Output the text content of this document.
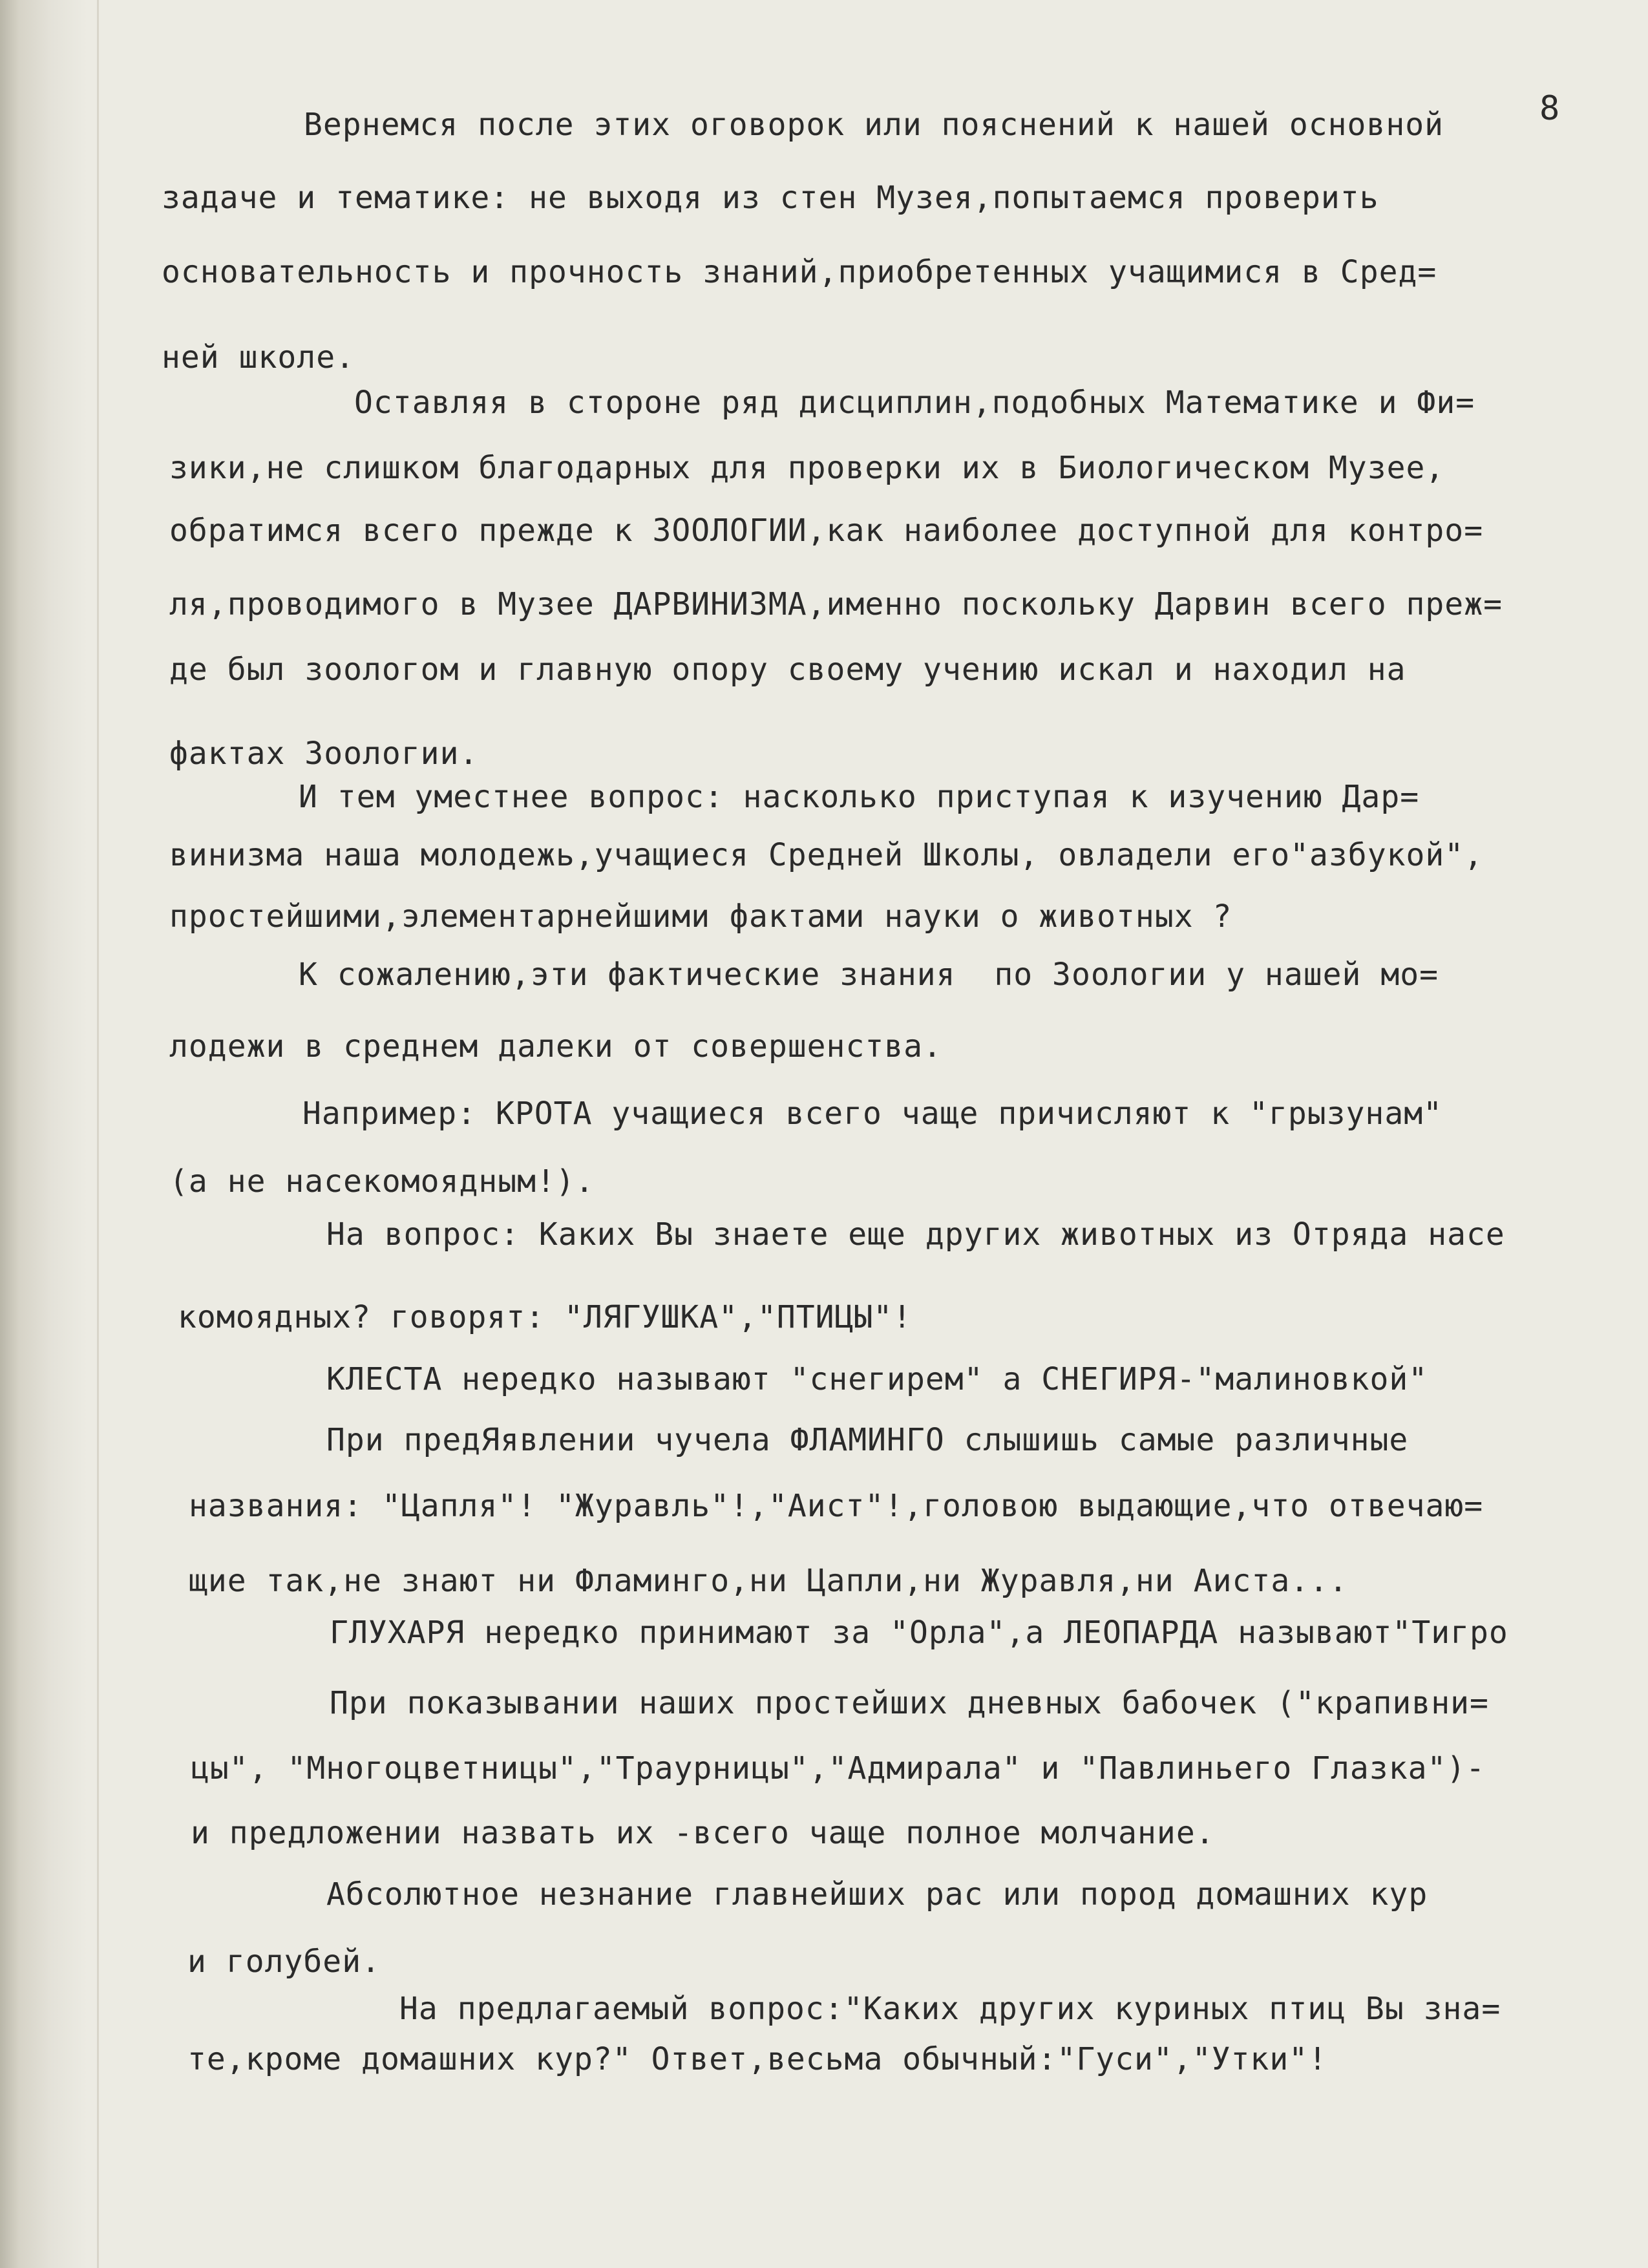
8
Вернемся после этих оговорок или пояснений к нашей основной
задаче и тематике: не выходя из стен Музея,попытаемся проверить
основательность и прочность знаний,приобретенных учащимися в Сред=
ней школе.
Оставляя в стороне ряд дисциплин,подобных Математике и Фи=
зики,не слишком благодарных для проверки их в Биологическом Музее,
обратимся всего прежде к ЗООЛОГИИ,как наиболее доступной для контро=
ля,проводимого в Музее ДАРВИНИЗМА,именно поскольку Дарвин всего преж=
де был зоологом и главную опору своему учению искал и находил на
фактах Зоологии.
И тем уместнее вопрос: насколько приступая к изучению Дар=
винизма наша молодежь,учащиеся Средней Школы, овладели его"азбукой",
простейшими,элементарнейшими фактами науки о животных ?
К сожалению,эти фактические знания  по Зоологии у нашей мо=
лодежи в среднем далеки от совершенства.
Например: КРОТА учащиеся всего чаще причисляют к "грызунам"
(а не насекомоядным!).
На вопрос: Каких Вы знаете еще других животных из Отряда насе
комоядных? говорят: "ЛЯГУШКА","ПТИЦЫ"!
КЛЕСТА нередко называют "снегирем" а СНЕГИРЯ-"малиновкой"
При предЯявлении чучела ФЛАМИНГО слышишь самые различные
названия: "Цапля"! "Журавль"!,"Аист"!,головою выдающие,что отвечаю=
щие так,не знают ни Фламинго,ни Цапли,ни Журавля,ни Аиста...
ГЛУХАРЯ нередко принимают за "Орла",а ЛЕОПАРДА называют"Тигро
При показывании наших простейших дневных бабочек ("крапивни=
цы", "Многоцветницы","Траурницы","Адмирала" и "Павлиньего Глазка")-
и предложении назвать их -всего чаще полное молчание.
Абсолютное незнание главнейших рас или пород домашних кур
и голубей.
На предлагаемый вопрос:"Каких других куриных птиц Вы зна=
те,кроме домашних кур?" Ответ,весьма обычный:"Гуси","Утки"!
